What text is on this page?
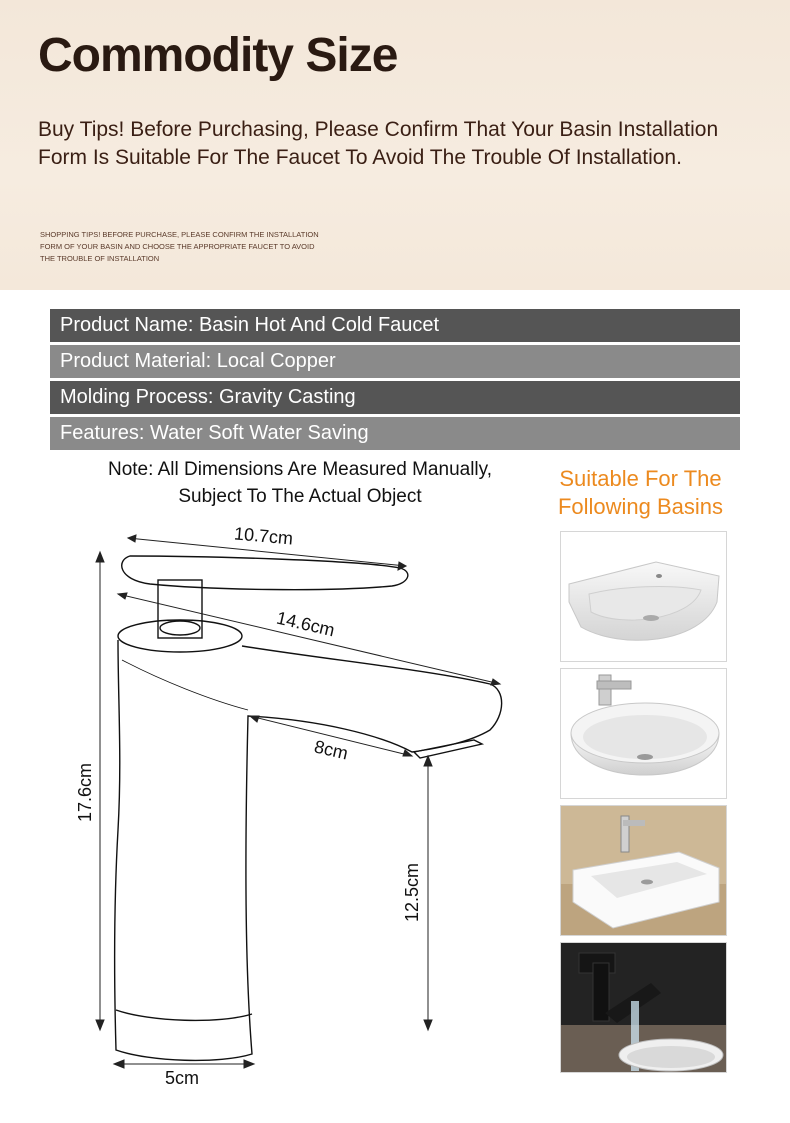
Commodity Size
Buy Tips! Before Purchasing, Please Confirm That Your Basin Installation Form Is Suitable For The Faucet To Avoid The Trouble Of Installation.
SHOPPING TIPS! BEFORE PURCHASE, PLEASE CONFIRM THE INSTALLATION FORM OF YOUR BASIN AND CHOOSE THE APPROPRIATE FAUCET TO AVOID THE TROUBLE OF INSTALLATION
Product Name: Basin Hot And Cold Faucet
Product Material: Local Copper
Molding Process: Gravity Casting
Features: Water Soft Water Saving
Note: All Dimensions Are Measured Manually,
Subject To The Actual Object
10.7cm
14.6cm
8cm
17.6cm
12.5cm
5cm
Suitable For The
Following Basins
